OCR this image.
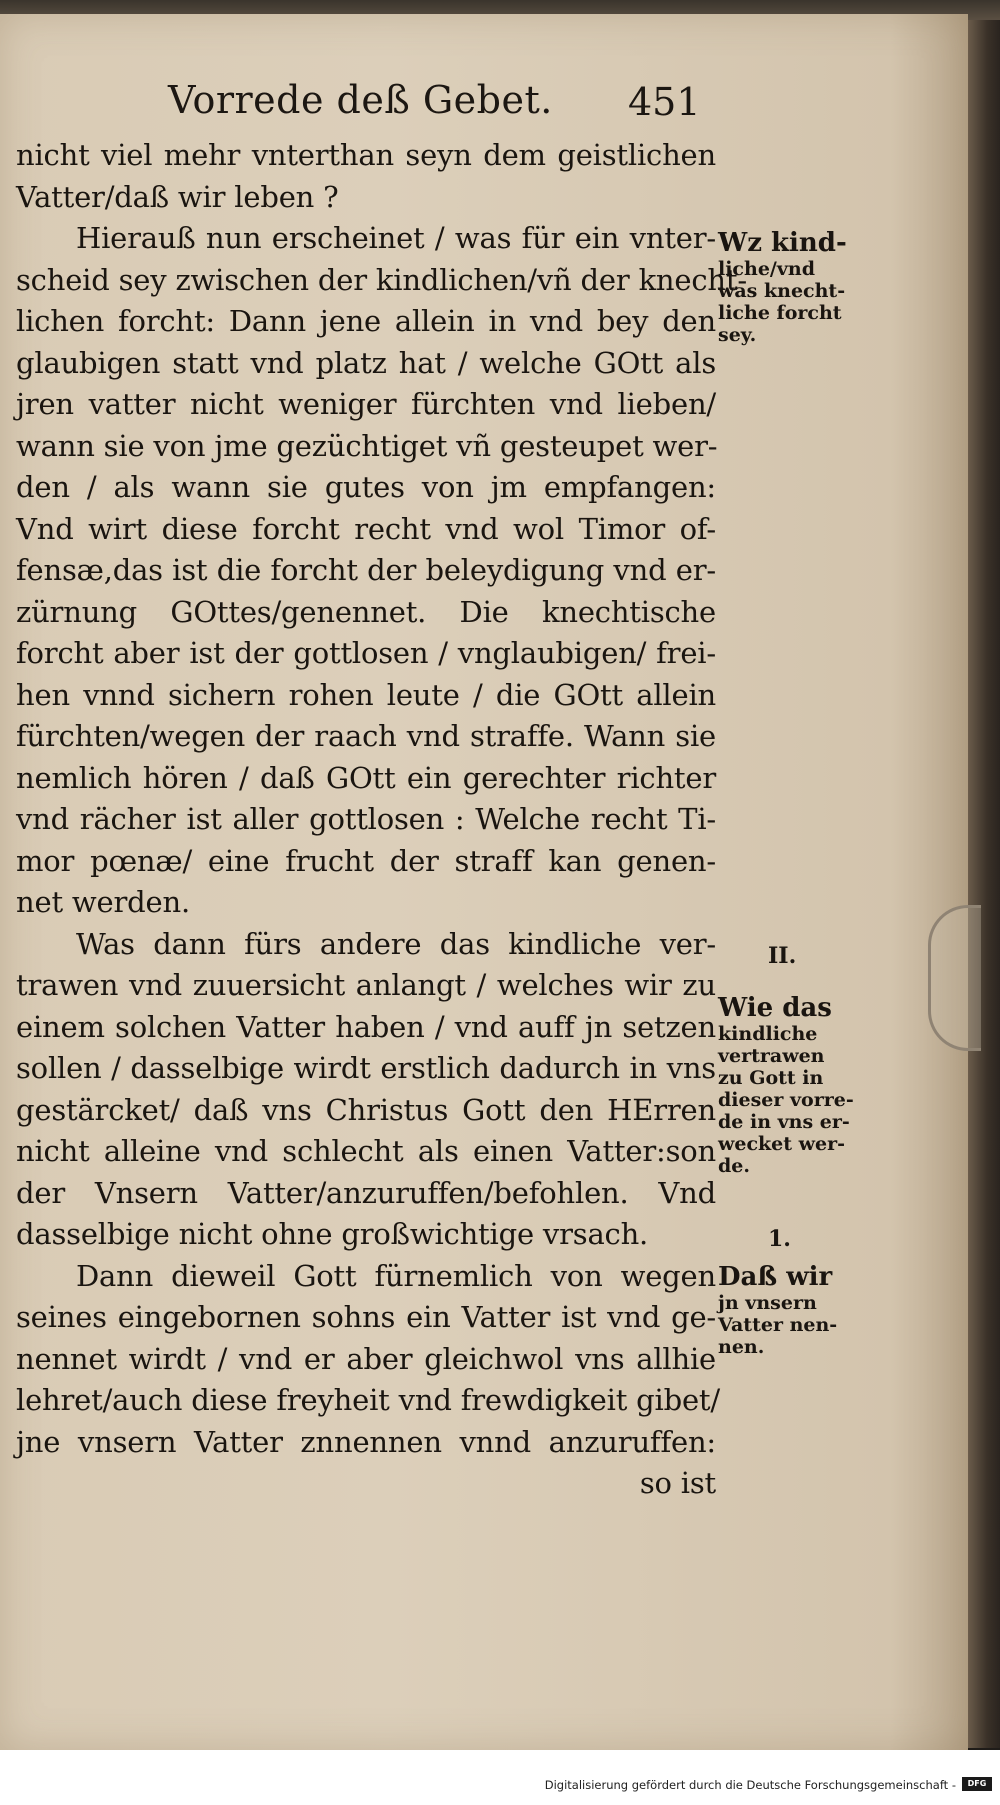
Vorrede deß Gebet. 451
nicht viel mehr vnterthan seyn dem geistlichen
Vatter/daß wir leben ?
Hierauß nun erscheinet / was für ein vnter-
scheid sey zwischen der kindlichen/vñ der knecht-
lichen forcht: Dann jene allein in vnd bey den
glaubigen statt vnd platz hat / welche GOtt als
jren vatter nicht weniger fürchten vnd lieben/
wann sie von jme gezüchtiget vñ gesteupet wer-
den / als wann sie gutes von jm empfangen:
Vnd wirt diese forcht recht vnd wol Timor of-
fensæ,das ist die forcht der beleydigung vnd er-
zürnung GOttes/genennet. Die knechtische
forcht aber ist der gottlosen / vnglaubigen/ frei-
hen vnnd sichern rohen leute / die GOtt allein
fürchten/wegen der raach vnd straffe. Wann sie
nemlich hören / daß GOtt ein gerechter richter
vnd rächer ist aller gottlosen : Welche recht Ti-
mor pœnæ/ eine frucht der straff kan genen-
net werden.
Was dann fürs andere das kindliche ver-
trawen vnd zuuersicht anlangt / welches wir zu
einem solchen Vatter haben / vnd auff jn setzen
sollen / dasselbige wirdt erstlich dadurch in vns
gestärcket/ daß vns Christus Gott den HErren
nicht alleine vnd schlecht als einen Vatter:son
der Vnsern Vatter/anzuruffen/befohlen. Vnd
dasselbige nicht ohne großwichtige vrsach.
Dann dieweil Gott fürnemlich von wegen
seines eingebornen sohns ein Vatter ist vnd ge-
nennet wirdt / vnd er aber gleichwol vns allhie
lehret/auch diese freyheit vnd frewdigkeit gibet/
jne vnsern Vatter znnennen vnnd anzuruffen:
so ist
Wz kind-
liche/vnd
was knecht-
liche forcht
sey.
II.
Wie das
kindliche
vertrawen
zu Gott in
dieser vorre-
de in vns er-
wecket wer-
de.
1.
Daß wir
jn vnsern
Vatter nen-
nen.
Digitalisierung gefördert durch die Deutsche Forschungsgemeinschaft -	DFG
